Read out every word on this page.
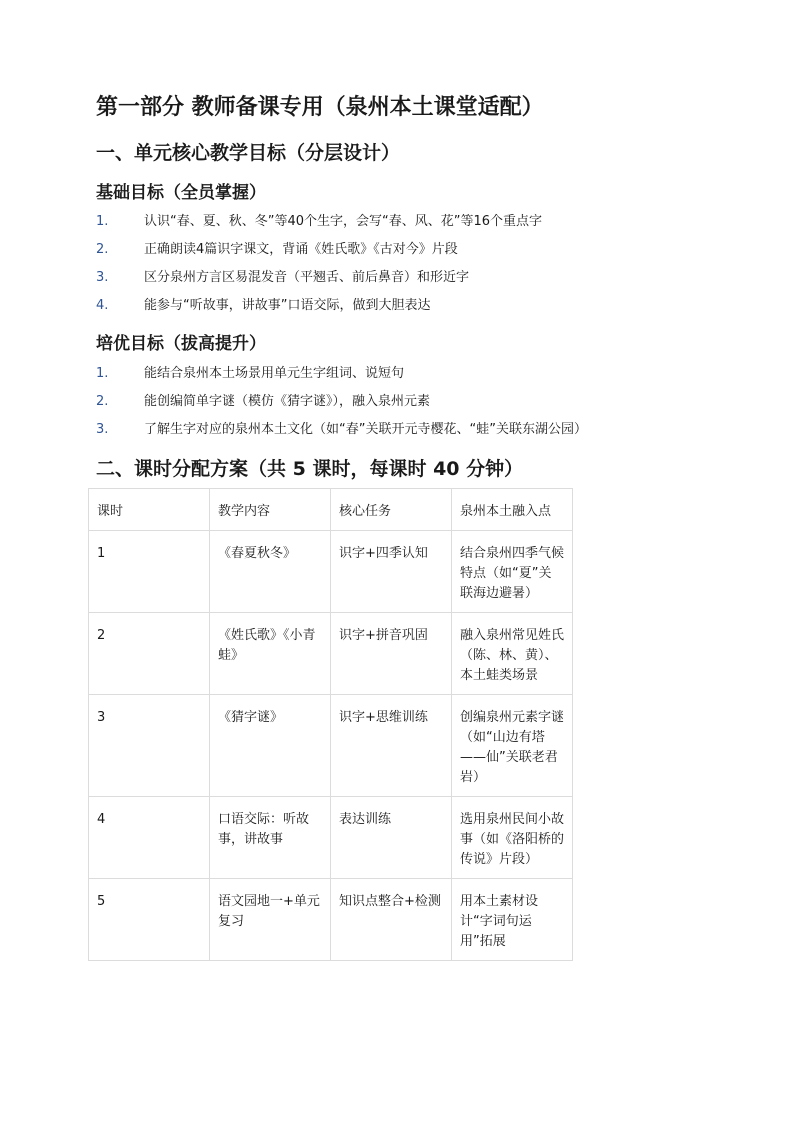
第一部分 教师备课专用（泉州本土课堂适配）
一、单元核心教学目标（分层设计）
基础目标（全员掌握）
1.	认识“春、夏、秋、冬”等40个生字，会写“春、风、花”等16个重点字
2.	正确朗读4篇识字课文，背诵《姓氏歌》《古对今》片段
3.	区分泉州方言区易混发音（平翘舌、前后鼻音）和形近字
4.	能参与“听故事，讲故事”口语交际，做到大胆表达
培优目标（拔高提升）
1.	能结合泉州本土场景用单元生字组词、说短句
2.	能创编简单字谜（模仿《猜字谜》），融入泉州元素
3.	了解生字对应的泉州本土文化（如“春”关联开元寺樱花、“蛙”关联东湖公园）
二、课时分配方案（共 5 课时，每课时 40 分钟）
课时	教学内容	核心任务	泉州本土融入点
1	《春夏秋冬》	识字+四季认知	结合泉州四季气候特点（如“夏”关联海边避暑）
2	《姓氏歌》《小青蛙》	识字+拼音巩固	融入泉州常见姓氏（陈、林、黄）、本土蛙类场景
3	《猜字谜》	识字+思维训练	创编泉州元素字谜（如“山边有塔——仙”关联老君岩）
4	口语交际：听故事，讲故事	表达训练	选用泉州民间小故事（如《洛阳桥的传说》片段）
5	语文园地一+单元复习	知识点整合+检测	用本土素材设计“字词句运用”拓展
